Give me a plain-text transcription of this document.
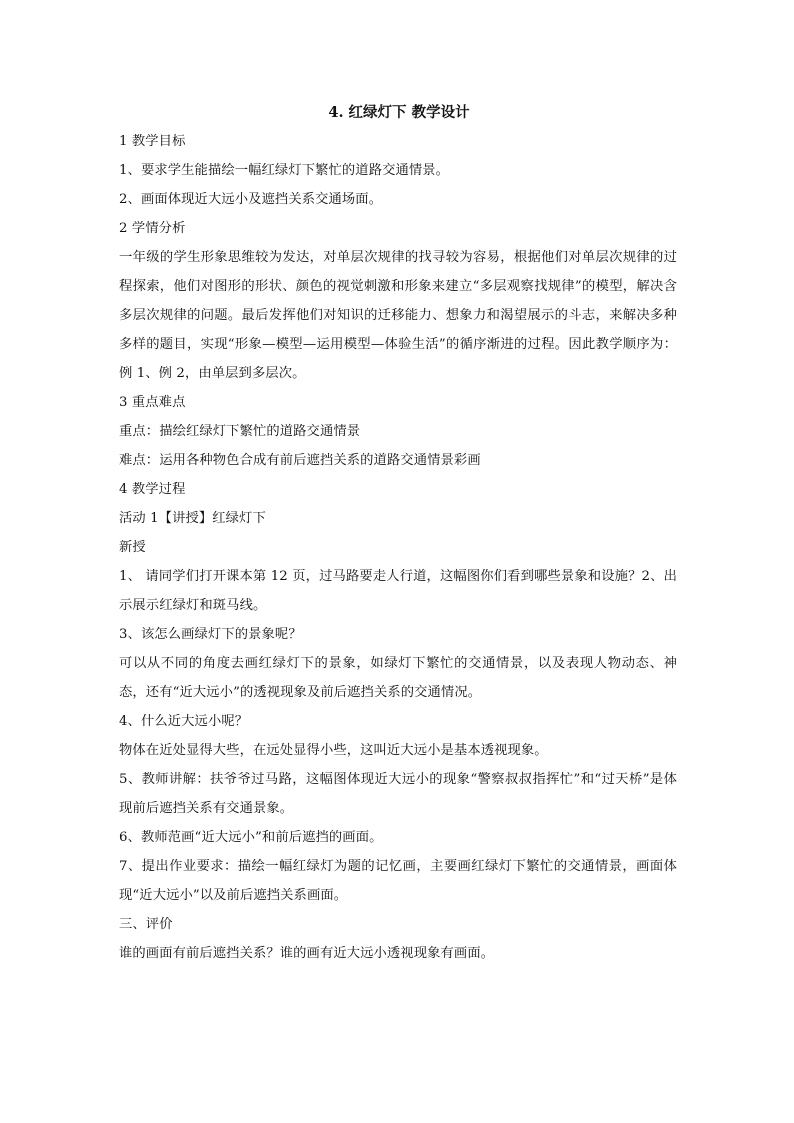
4. 红绿灯下 教学设计

1 教学目标

1、要求学生能描绘一幅红绿灯下繁忙的道路交通情景。

2、画面体现近大远小及遮挡关系交通场面。

2 学情分析

一年级的学生形象思维较为发达，对单层次规律的找寻较为容易，根据他们对单层次规律的过程探索，他们对图形的形状、颜色的视觉刺激和形象来建立“多层观察找规律”的模型，解决含多层次规律的问题。最后发挥他们对知识的迁移能力、想象力和渴望展示的斗志，来解决多种多样的题目，实现“形象—模型—运用模型—体验生活”的循序渐进的过程。因此教学顺序为：例 1、例 2，由单层到多层次。

3 重点难点

重点：描绘红绿灯下繁忙的道路交通情景

难点：运用各种物色合成有前后遮挡关系的道路交通情景彩画

4 教学过程

活动 1【讲授】红绿灯下

新授

1、 请同学们打开课本第 12 页，过马路要走人行道，这幅图你们看到哪些景象和设施？2、出示展示红绿灯和斑马线。

3、该怎么画绿灯下的景象呢？

可以从不同的角度去画红绿灯下的景象，如绿灯下繁忙的交通情景，以及表现人物动态、神态，还有“近大远小”的透视现象及前后遮挡关系的交通情况。

4、什么近大远小呢？

物体在近处显得大些，在远处显得小些，这叫近大远小是基本透视现象。

5、教师讲解：扶爷爷过马路，这幅图体现近大远小的现象“警察叔叔指挥忙”和“过天桥”是体现前后遮挡关系有交通景象。

6、教师范画“近大远小”和前后遮挡的画面。

7、提出作业要求：描绘一幅红绿灯为题的记忆画，主要画红绿灯下繁忙的交通情景，画面体现“近大远小”以及前后遮挡关系画面。

三、评价

谁的画面有前后遮挡关系？谁的画有近大远小透视现象有画面。
